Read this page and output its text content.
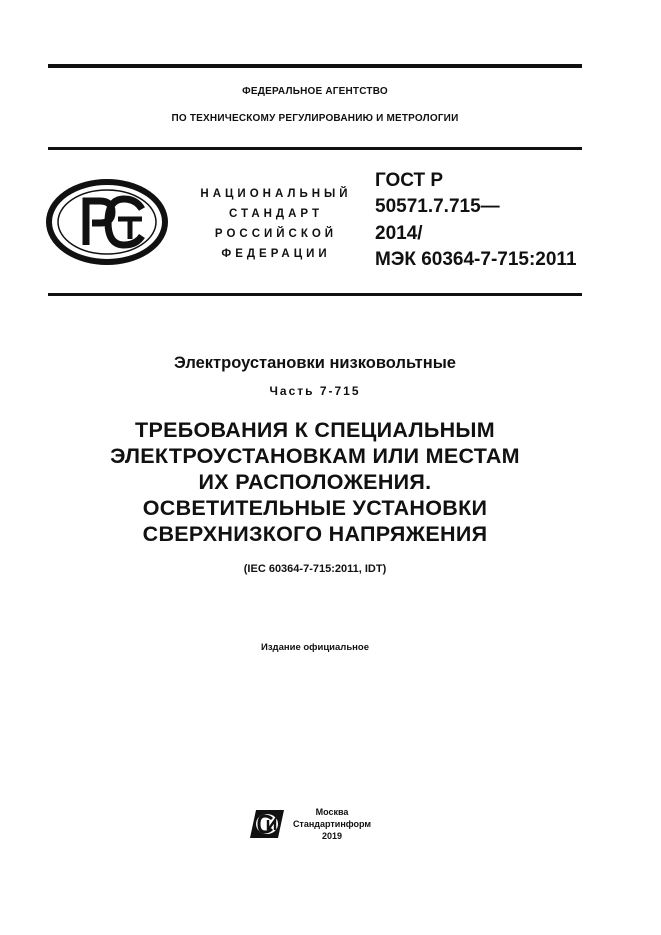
ФЕДЕРАЛЬНОЕ АГЕНТСТВО
ПО ТЕХНИЧЕСКОМУ РЕГУЛИРОВАНИЮ И МЕТРОЛОГИИ
НАЦИОНАЛЬНЫЙ
СТАНДАРТ
РОССИЙСКОЙ
ФЕДЕРАЦИИ
ГОСТ Р
50571.7.715—
2014/
МЭК 60364-7-715:2011
Электроустановки низковольтные
Часть 7-715
ТРЕБОВАНИЯ К СПЕЦИАЛЬНЫМ
ЭЛЕКТРОУСТАНОВКАМ ИЛИ МЕСТАМ
ИХ РАСПОЛОЖЕНИЯ.
ОСВЕТИТЕЛЬНЫЕ УСТАНОВКИ
СВЕРХНИЗКОГО НАПРЯЖЕНИЯ
(IEC 60364-7-715:2011, IDT)
Издание официальное
Москва
Стандартинформ
2019
